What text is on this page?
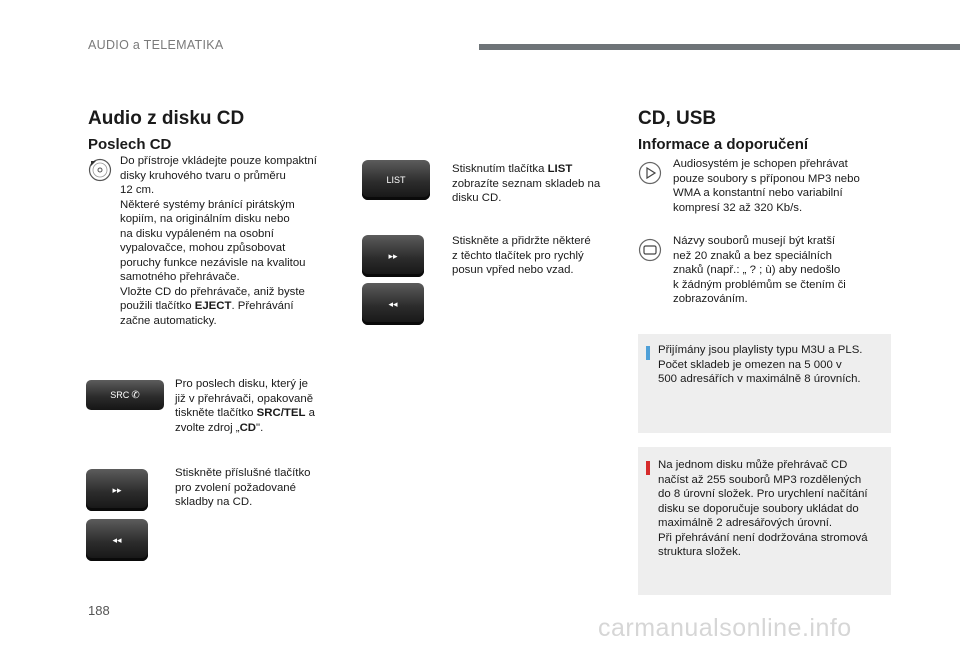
AUDIO a TELEMATIKA
Audio z disku CD
Poslech CD

Do přístroje vkládejte pouze kompaktní
disky kruhového tvaru o průměru
12 cm.
Některé systémy bránící pirátským
kopiím, na originálním disku nebo
na disku vypáleném na osobní
vypalovačce, mohou způsobovat
poruchy funkce nezávisle na kvalitou
samotného přehrávače.

Vložte CD do přehrávače, aniž byste
použili tlačítko EJECT. Přehrávání
začne automaticky.

SRC ✆

Pro poslech disku, který je
již v přehrávači, opakovaně
tiskněte tlačítko SRC/TEL a
zvolte zdroj „CD".

▸▸
◂◂

Stiskněte příslušné tlačítko
pro zvolení požadované
skladby na CD.

LIST

Stisknutím tlačítka LIST
zobrazíte seznam skladeb na
disku CD.

▸▸
◂◂

Stiskněte a přidržte některé
z těchto tlačítek pro rychlý
posun vpřed nebo vzad.

CD, USB
Informace a doporučení

Audiosystém je schopen přehrávat
pouze soubory s příponou MP3 nebo
WMA a konstantní nebo variabilní
kompresí 32 až 320 Kb/s.

Názvy souborů musejí být kratší
než 20 znaků a bez speciálních
znaků (např.: „ ? ; ù) aby nedošlo
k žádným problémům se čtením či
zobrazováním.

Přijímány jsou playlisty typu M3U a PLS.
Počet skladeb je omezen na 5 000 v
500 adresářích v maximálně 8 úrovních.

Na jednom disku může přehrávač CD
načíst až 255 souborů MP3 rozdělených
do 8 úrovní složek. Pro urychlení načítání
disku se doporučuje soubory ukládat do
maximálně 2 adresářových úrovní.
Při přehrávání není dodržována stromová
struktura složek.

188
carmanualsonline.info
